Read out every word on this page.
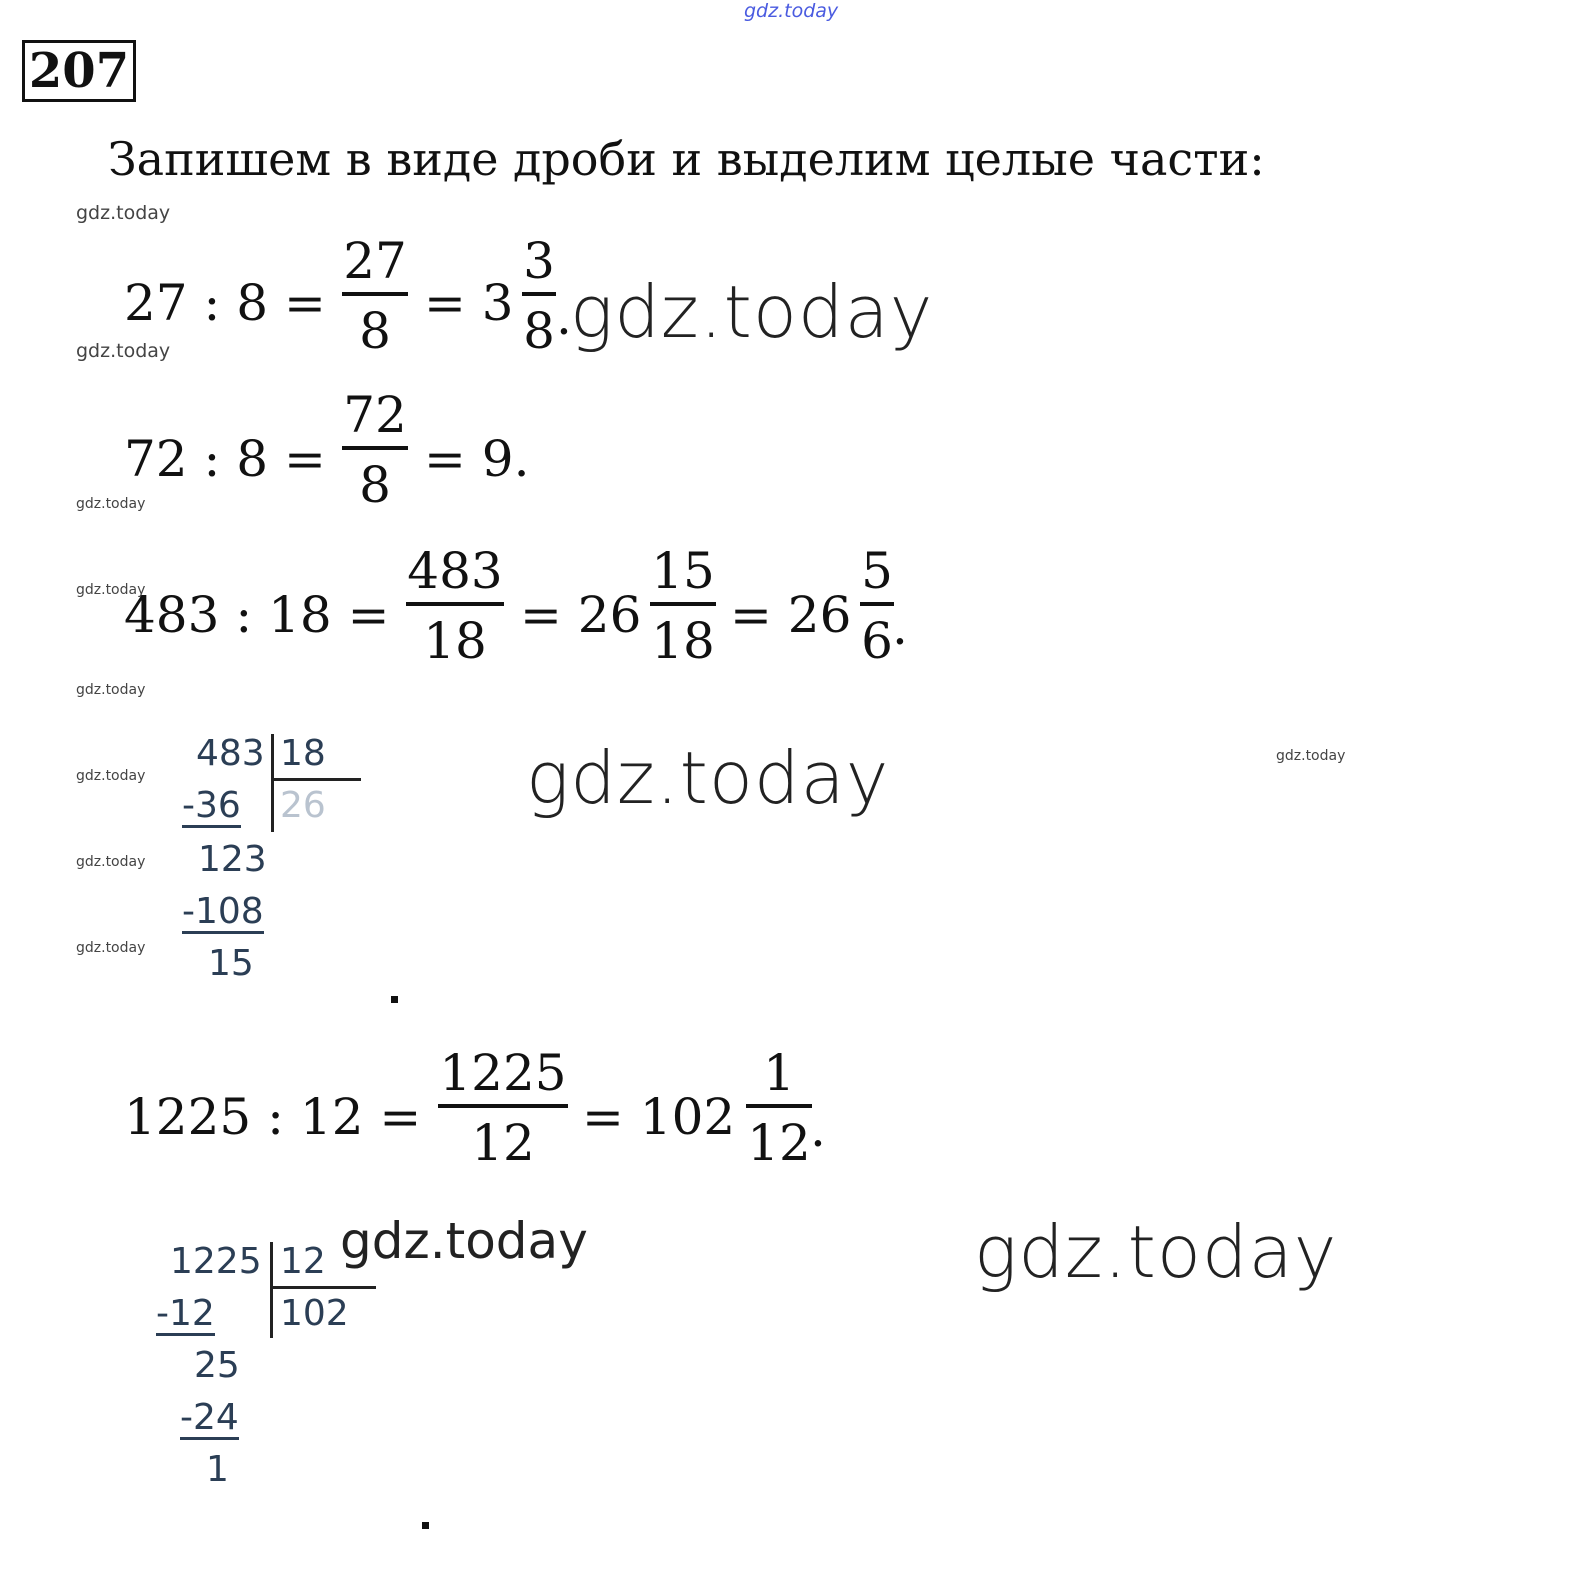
gdz.today
207
Запишем в виде дроби и выделим целые части:
gdz.today
27 : 8 =
27
8 = 3
3
8 .
gdz.today
gdz.today
72 : 8 =
72
8 = 9.
gdz.today
gdz.today
483 : 18 =
483
18 = 26
15
18 = 26
5
6 .
gdz.today
483 18
26
-36
123
-108
15
gdz.today
gdz.today
gdz.today
gdz.today	gdz.today
1225 : 12 =
1225
12 = 102
1
12 .
1225 12
102
-12
25
-24
1
gdz.today	gdz.today
